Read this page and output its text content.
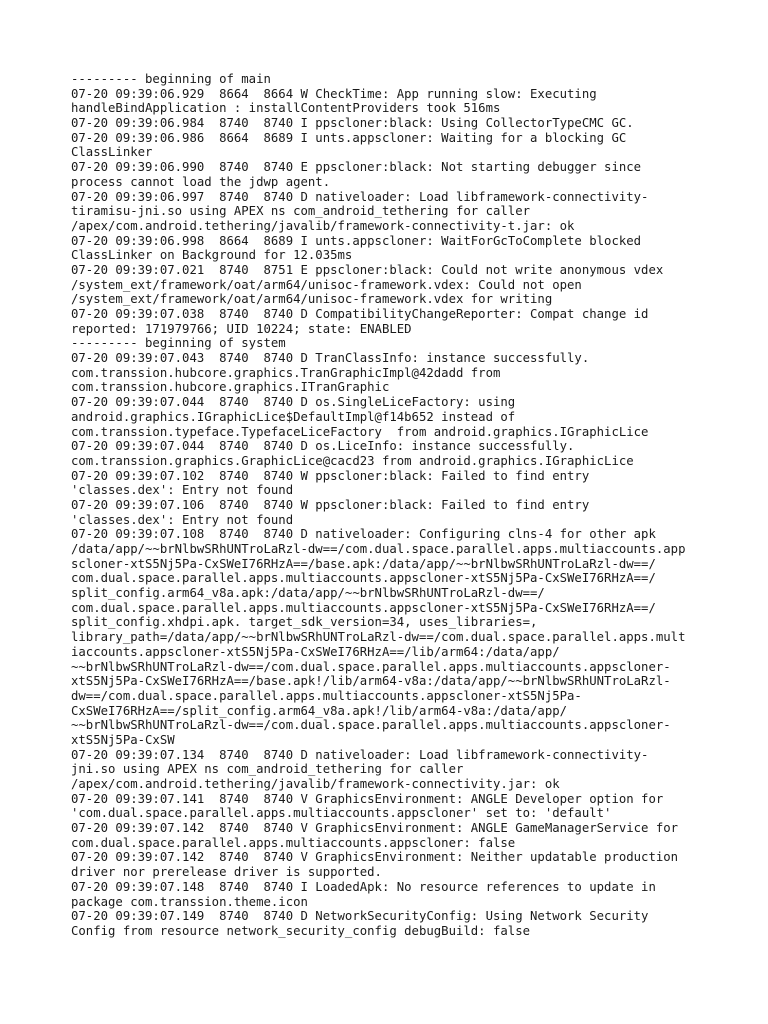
--------- beginning of main
07-20 09:39:06.929  8664  8664 W CheckTime: App running slow: Executing
handleBindApplication : installContentProviders took 516ms
07-20 09:39:06.984  8740  8740 I ppscloner:black: Using CollectorTypeCMC GC.
07-20 09:39:06.986  8664  8689 I unts.appscloner: Waiting for a blocking GC
ClassLinker
07-20 09:39:06.990  8740  8740 E ppscloner:black: Not starting debugger since
process cannot load the jdwp agent.
07-20 09:39:06.997  8740  8740 D nativeloader: Load libframework-connectivity-
tiramisu-jni.so using APEX ns com_android_tethering for caller
/apex/com.android.tethering/javalib/framework-connectivity-t.jar: ok
07-20 09:39:06.998  8664  8689 I unts.appscloner: WaitForGcToComplete blocked
ClassLinker on Background for 12.035ms
07-20 09:39:07.021  8740  8751 E ppscloner:black: Could not write anonymous vdex
/system_ext/framework/oat/arm64/unisoc-framework.vdex: Could not open
/system_ext/framework/oat/arm64/unisoc-framework.vdex for writing
07-20 09:39:07.038  8740  8740 D CompatibilityChangeReporter: Compat change id
reported: 171979766; UID 10224; state: ENABLED
--------- beginning of system
07-20 09:39:07.043  8740  8740 D TranClassInfo: instance successfully.
com.transsion.hubcore.graphics.TranGraphicImpl@42dadd from
com.transsion.hubcore.graphics.ITranGraphic
07-20 09:39:07.044  8740  8740 D os.SingleLiceFactory: using
android.graphics.IGraphicLice$DefaultImpl@f14b652 instead of
com.transsion.typeface.TypefaceLiceFactory  from android.graphics.IGraphicLice
07-20 09:39:07.044  8740  8740 D os.LiceInfo: instance successfully.
com.transsion.graphics.GraphicLice@cacd23 from android.graphics.IGraphicLice
07-20 09:39:07.102  8740  8740 W ppscloner:black: Failed to find entry
'classes.dex': Entry not found
07-20 09:39:07.106  8740  8740 W ppscloner:black: Failed to find entry
'classes.dex': Entry not found
07-20 09:39:07.108  8740  8740 D nativeloader: Configuring clns-4 for other apk
/data/app/~~brNlbwSRhUNTroLaRzl-dw==/com.dual.space.parallel.apps.multiaccounts.app
scloner-xtS5Nj5Pa-CxSWeI76RHzA==/base.apk:/data/app/~~brNlbwSRhUNTroLaRzl-dw==/
com.dual.space.parallel.apps.multiaccounts.appscloner-xtS5Nj5Pa-CxSWeI76RHzA==/
split_config.arm64_v8a.apk:/data/app/~~brNlbwSRhUNTroLaRzl-dw==/
com.dual.space.parallel.apps.multiaccounts.appscloner-xtS5Nj5Pa-CxSWeI76RHzA==/
split_config.xhdpi.apk. target_sdk_version=34, uses_libraries=,
library_path=/data/app/~~brNlbwSRhUNTroLaRzl-dw==/com.dual.space.parallel.apps.mult
iaccounts.appscloner-xtS5Nj5Pa-CxSWeI76RHzA==/lib/arm64:/data/app/
~~brNlbwSRhUNTroLaRzl-dw==/com.dual.space.parallel.apps.multiaccounts.appscloner-
xtS5Nj5Pa-CxSWeI76RHzA==/base.apk!/lib/arm64-v8a:/data/app/~~brNlbwSRhUNTroLaRzl-
dw==/com.dual.space.parallel.apps.multiaccounts.appscloner-xtS5Nj5Pa-
CxSWeI76RHzA==/split_config.arm64_v8a.apk!/lib/arm64-v8a:/data/app/
~~brNlbwSRhUNTroLaRzl-dw==/com.dual.space.parallel.apps.multiaccounts.appscloner-
xtS5Nj5Pa-CxSW
07-20 09:39:07.134  8740  8740 D nativeloader: Load libframework-connectivity-
jni.so using APEX ns com_android_tethering for caller
/apex/com.android.tethering/javalib/framework-connectivity.jar: ok
07-20 09:39:07.141  8740  8740 V GraphicsEnvironment: ANGLE Developer option for
'com.dual.space.parallel.apps.multiaccounts.appscloner' set to: 'default'
07-20 09:39:07.142  8740  8740 V GraphicsEnvironment: ANGLE GameManagerService for
com.dual.space.parallel.apps.multiaccounts.appscloner: false
07-20 09:39:07.142  8740  8740 V GraphicsEnvironment: Neither updatable production
driver nor prerelease driver is supported.
07-20 09:39:07.148  8740  8740 I LoadedApk: No resource references to update in
package com.transsion.theme.icon
07-20 09:39:07.149  8740  8740 D NetworkSecurityConfig: Using Network Security
Config from resource network_security_config debugBuild: false
